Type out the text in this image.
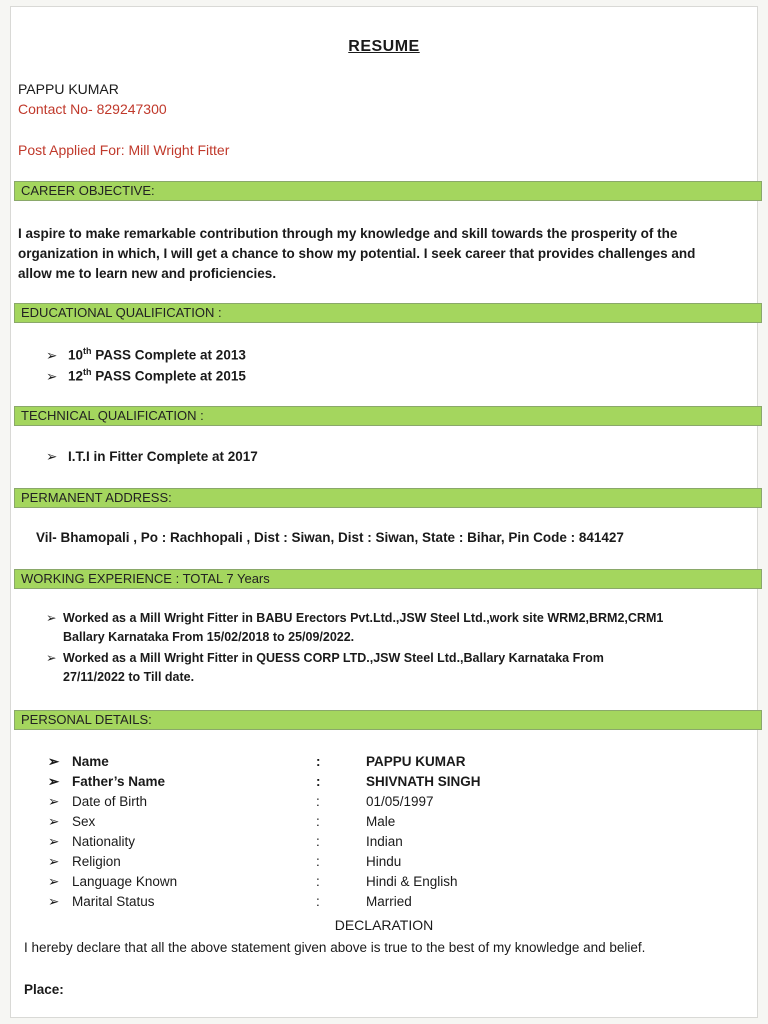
RESUME
PAPPU KUMAR
Contact No- 829247300
Post Applied For: Mill Wright Fitter
CAREER OBJECTIVE:
I aspire to make remarkable contribution through my knowledge and skill towards the prosperity of the
organization in which, I will get a chance to show my potential. I seek career that provides challenges and
allow me to learn new and proficiencies.
EDUCATIONAL QUALIFICATION :
➢ 10th PASS Complete at 2013
➢ 12th PASS Complete at 2015
TECHNICAL QUALIFICATION :
➢ I.T.I in Fitter Complete at 2017
PERMANENT ADDRESS:
Vil- Bhamopali , Po : Rachhopali , Dist : Siwan, Dist : Siwan, State : Bihar, Pin Code : 841427
WORKING EXPERIENCE : TOTAL 7 Years
➢ Worked as a Mill Wright Fitter in BABU Erectors Pvt.Ltd.,JSW Steel Ltd.,work site WRM2,BRM2,CRM1
Ballary Karnataka From 15/02/2018 to 25/09/2022.
➢ Worked as a Mill Wright Fitter in QUESS CORP LTD.,JSW Steel Ltd.,Ballary Karnataka From
27/11/2022 to Till date.
PERSONAL DETAILS:
➢ Name	:	PAPPU KUMAR
➢ Father’s Name	:	SHIVNATH SINGH
➢ Date of Birth	:	01/05/1997
➢ Sex	:	Male
➢ Nationality	:	Indian
➢ Religion	:	Hindu
➢ Language Known	:	Hindi & English
➢ Marital Status	:	Married
DECLARATION
I hereby declare that all the above statement given above is true to the best of my knowledge and belief.
Place:
